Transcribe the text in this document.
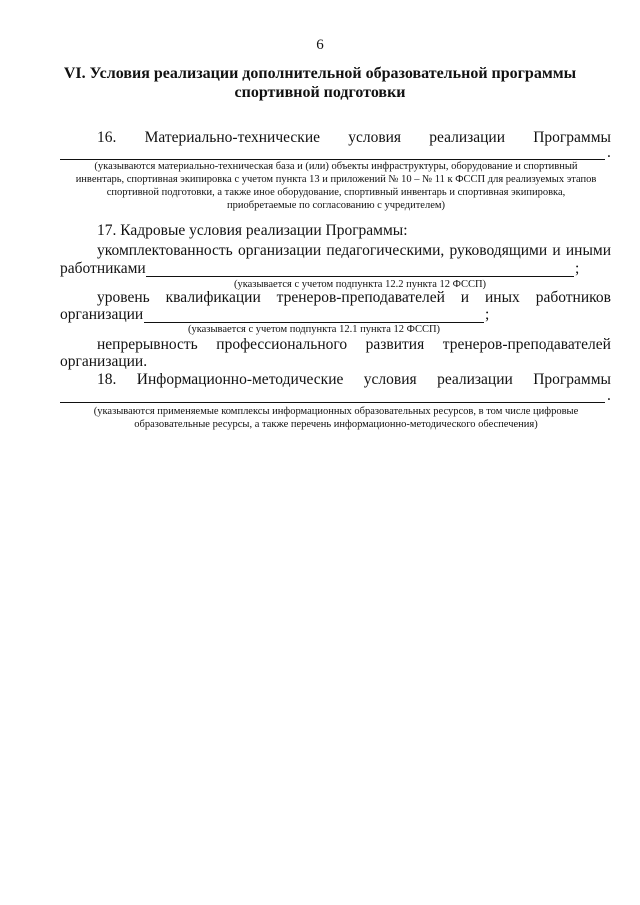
6
VI. Условия реализации дополнительной образовательной программы
спортивной подготовки
16. Материально-технические условия реализации Программы
.
(указываются материально-техническая база и (или) объекты инфраструктуры, оборудование и спортивный
инвентарь, спортивная экипировка с учетом пункта 13 и приложений № 10 – № 11 к ФССП для реализуемых этапов
спортивной подготовки, а также иное оборудование, спортивный инвентарь и спортивная экипировка,
приобретаемые по согласованию с учредителем)
17. Кадровые условия реализации Программы:
укомплектованность организации педагогическими, руководящими и иными
работниками	;
(указывается с учетом подпункта 12.2 пункта 12 ФССП)
уровень квалификации тренеров-преподавателей и иных работников
организации	;
(указывается с учетом подпункта 12.1 пункта 12 ФССП)
непрерывность профессионального развития тренеров-преподавателей
организации.
18. Информационно-методические условия реализации Программы
.
(указываются применяемые комплексы информационных образовательных ресурсов, в том числе цифровые
образовательные ресурсы, а также перечень информационно-методического обеспечения)
